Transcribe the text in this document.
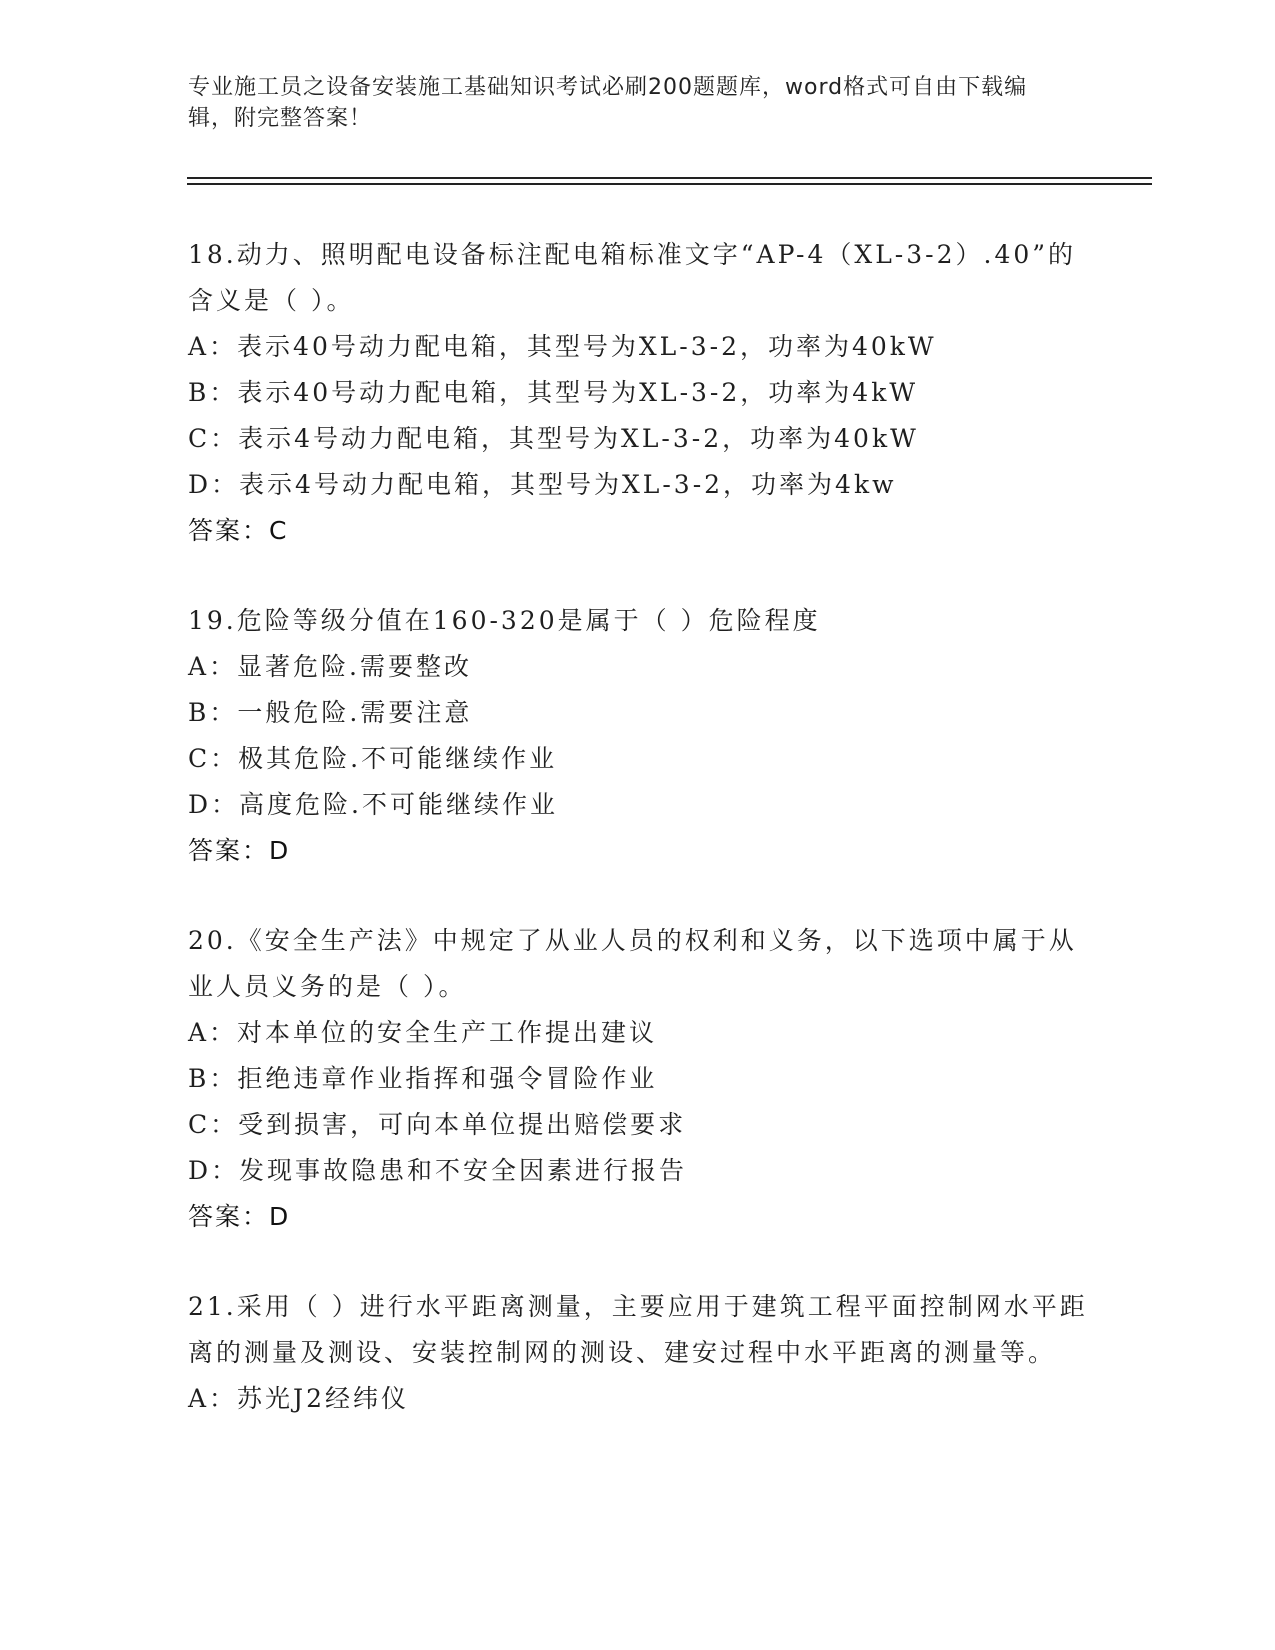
专业施工员之设备安装施工基础知识考试必刷200题题库，word格式可自由下载编辑，附完整答案！

18.动力、照明配电设备标注配电箱标准文字“AP-4（XL-3-2）.40”的含义是（ ）。

A：表示40号动力配电箱，其型号为XL-3-2，功率为40kW

B：表示40号动力配电箱，其型号为XL-3-2，功率为4kW

C：表示4号动力配电箱，其型号为XL-3-2，功率为40kW

D：表示4号动力配电箱，其型号为XL-3-2，功率为4kw

答案：C

19.危险等级分值在160-320是属于（ ）危险程度

A：显著危险.需要整改

B：一般危险.需要注意

C：极其危险.不可能继续作业

D：高度危险.不可能继续作业

答案：D

20.《安全生产法》中规定了从业人员的权利和义务，以下选项中属于从业人员义务的是（ ）。

A：对本单位的安全生产工作提出建议

B：拒绝违章作业指挥和强令冒险作业

C：受到损害，可向本单位提出赔偿要求

D：发现事故隐患和不安全因素进行报告

答案：D

21.采用（ ）进行水平距离测量，主要应用于建筑工程平面控制网水平距离的测量及测设、安装控制网的测设、建安过程中水平距离的测量等。

A：苏光J2经纬仪
